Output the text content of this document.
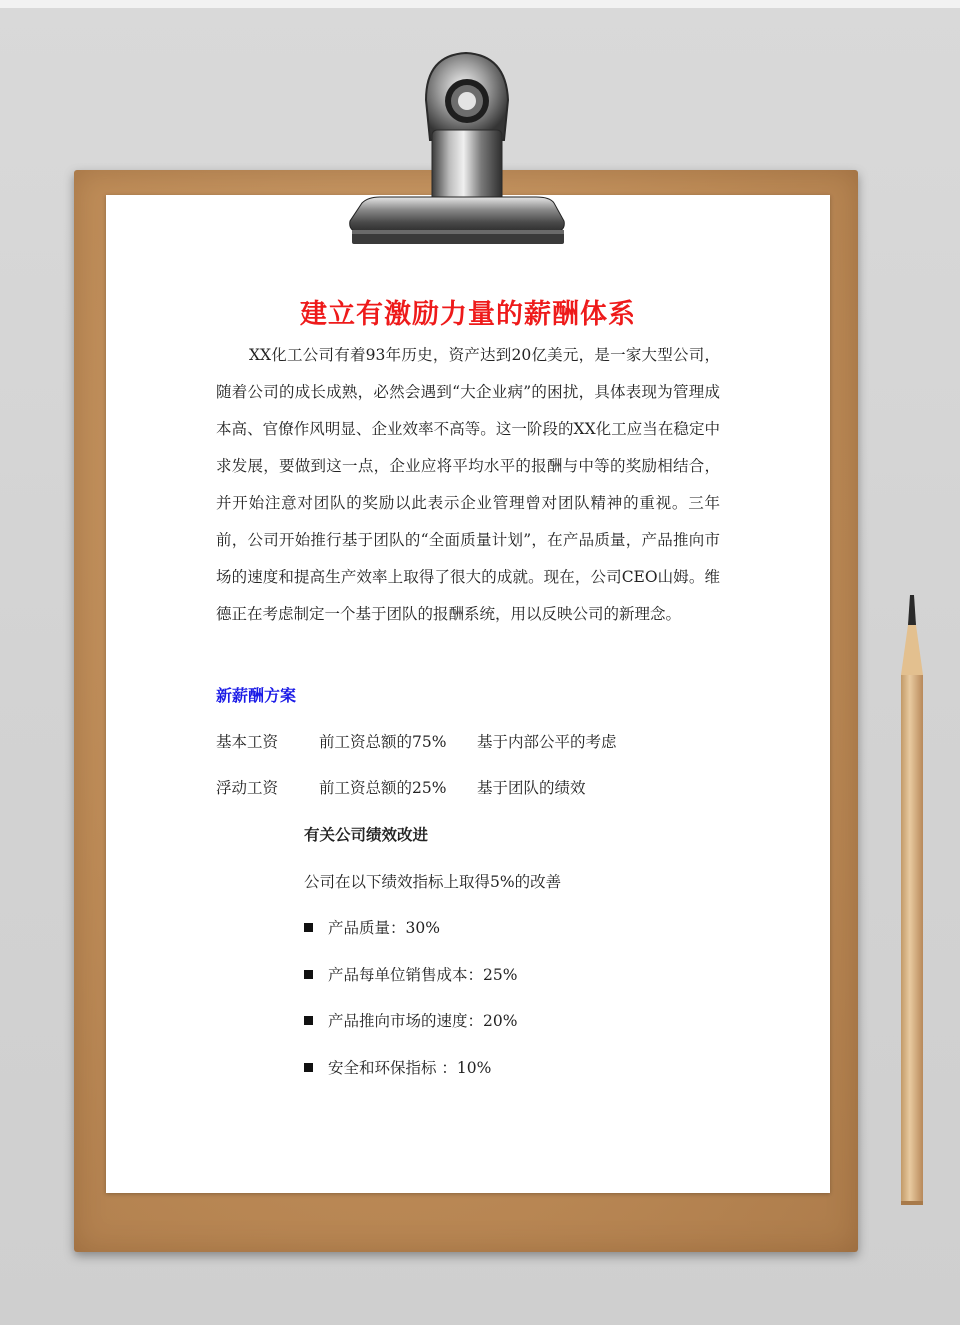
建立有激励力量的薪酬体系

XX化工公司有着93年历史，资产达到20亿美元，是一家大型公司，随着公司的成长成熟，必然会遇到“大企业病”的困扰，具体表现为管理成本高、官僚作风明显、企业效率不高等。这一阶段的XX化工应当在稳定中求发展，要做到这一点，企业应将平均水平的报酬与中等的奖励相结合，并开始注意对团队的奖励以此表示企业管理曾对团队精神的重视。三年前，公司开始推行基于团队的“全面质量计划”，在产品质量，产品推向市场的速度和提高生产效率上取得了很大的成就。现在，公司CEO山姆。维德正在考虑制定一个基于团队的报酬系统，用以反映公司的新理念。

新薪酬方案
基本工资	前工资总额的75% 基于内部公平的考虑
浮动工资	前工资总额的25% 基于团队的绩效
有关公司绩效改进
公司在以下绩效指标上取得5%的改善
产品质量：30%
产品每单位销售成本：25%
产品推向市场的速度：20%
安全和环保指标 ：10%
